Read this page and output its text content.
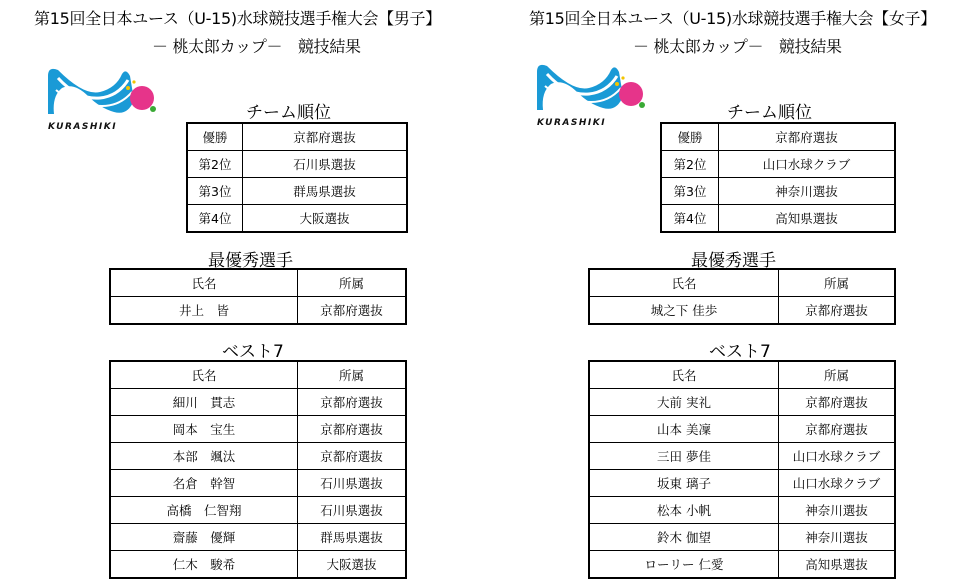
第15回全日本ユース（U-15)水球競技選手権大会【男子】
－ 桃太郎カップ－　競技結果
KURASHIKI
チーム順位
優勝	京都府選抜
第2位	石川県選抜
第3位	群馬県選抜
第4位	大阪選抜
最優秀選手
氏名	所属
井上　皆	京都府選抜
ベスト7
氏名	所属
細川　貫志	京都府選抜
岡本　宝生	京都府選抜
本部　颯汰	京都府選抜
名倉　幹智	石川県選抜
高橋　仁智翔	石川県選抜
齋藤　優輝	群馬県選抜
仁木　駿希	大阪選抜
第15回全日本ユース（U-15)水球競技選手権大会【女子】
－ 桃太郎カップ－　競技結果
KURASHIKI	チーム順位
優勝	京都府選抜
第2位	山口水球クラブ
第3位	神奈川選抜
第4位	高知県選抜
最優秀選手
氏名	所属
城之下 佳歩	京都府選抜
ベスト7
氏名	所属
大前 実礼	京都府選抜
山本 美凜	京都府選抜
三田 夢佳	山口水球クラブ
坂東 璃子	山口水球クラブ
松本 小帆	神奈川選抜
鈴木 伽望	神奈川選抜
ローリー 仁愛	高知県選抜
